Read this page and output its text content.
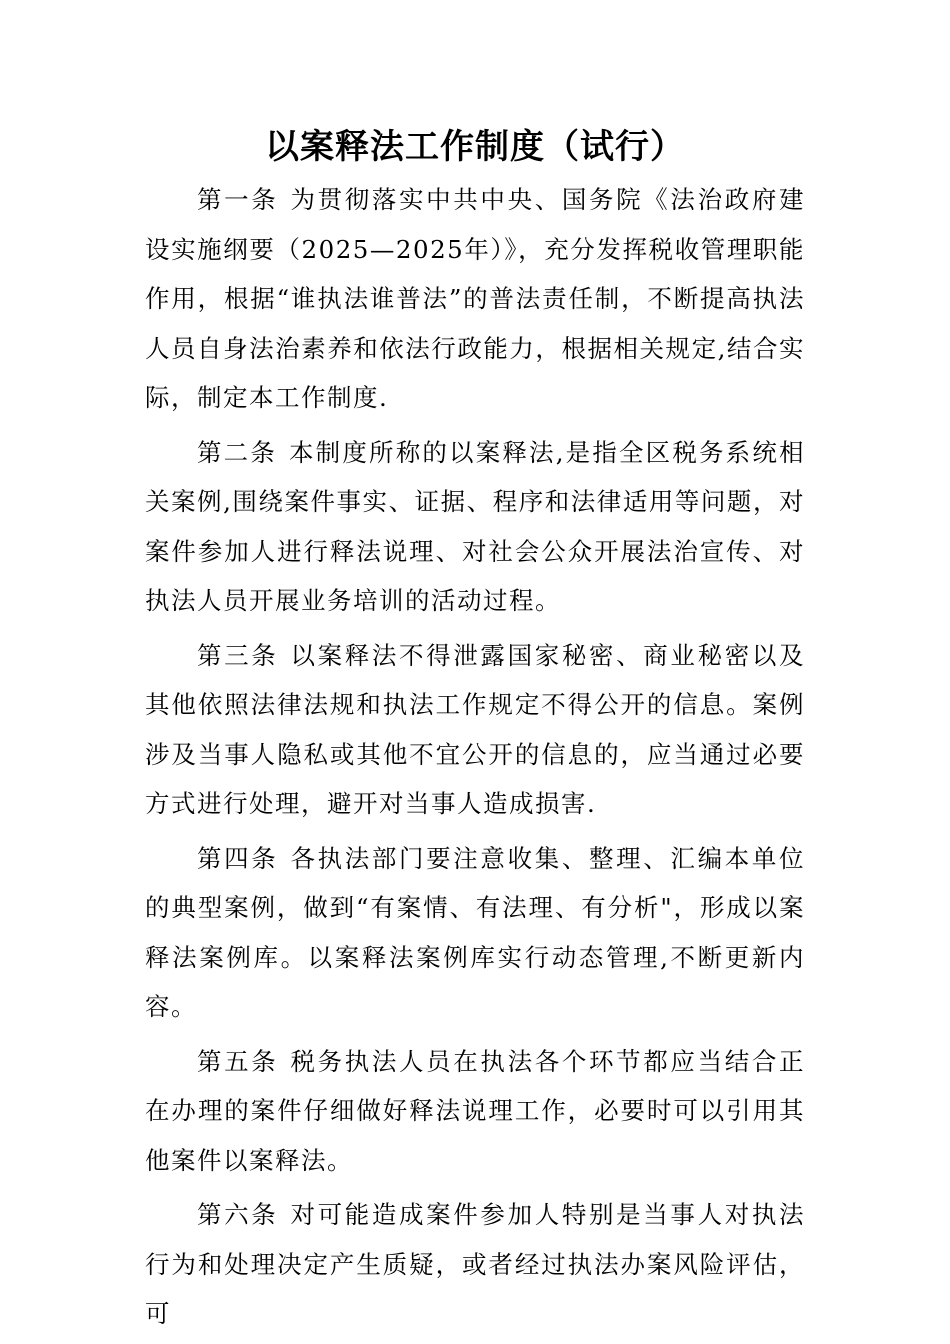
以案释法工作制度（试行）

第一条 为贯彻落实中共中央、国务院《法治政府建设实施纲要（2025—2025年）》，充分发挥税收管理职能作用，根据“谁执法谁普法”的普法责任制，不断提高执法人员自身法治素养和依法行政能力，根据相关规定,结合实际，制定本工作制度.

第二条 本制度所称的以案释法,是指全区税务系统相关案例,围绕案件事实、证据、程序和法律适用等问题，对案件参加人进行释法说理、对社会公众开展法治宣传、对执法人员开展业务培训的活动过程。

第三条 以案释法不得泄露国家秘密、商业秘密以及其他依照法律法规和执法工作规定不得公开的信息。案例涉及当事人隐私或其他不宜公开的信息的，应当通过必要方式进行处理，避开对当事人造成损害.

第四条 各执法部门要注意收集、整理、汇编本单位的典型案例，做到“有案情、有法理、有分析"，形成以案释法案例库。以案释法案例库实行动态管理,不断更新内容。

第五条 税务执法人员在执法各个环节都应当结合正在办理的案件仔细做好释法说理工作，必要时可以引用其他案件以案释法。

第六条 对可能造成案件参加人特别是当事人对执法行为和处理决定产生质疑，或者经过执法办案风险评估，可
